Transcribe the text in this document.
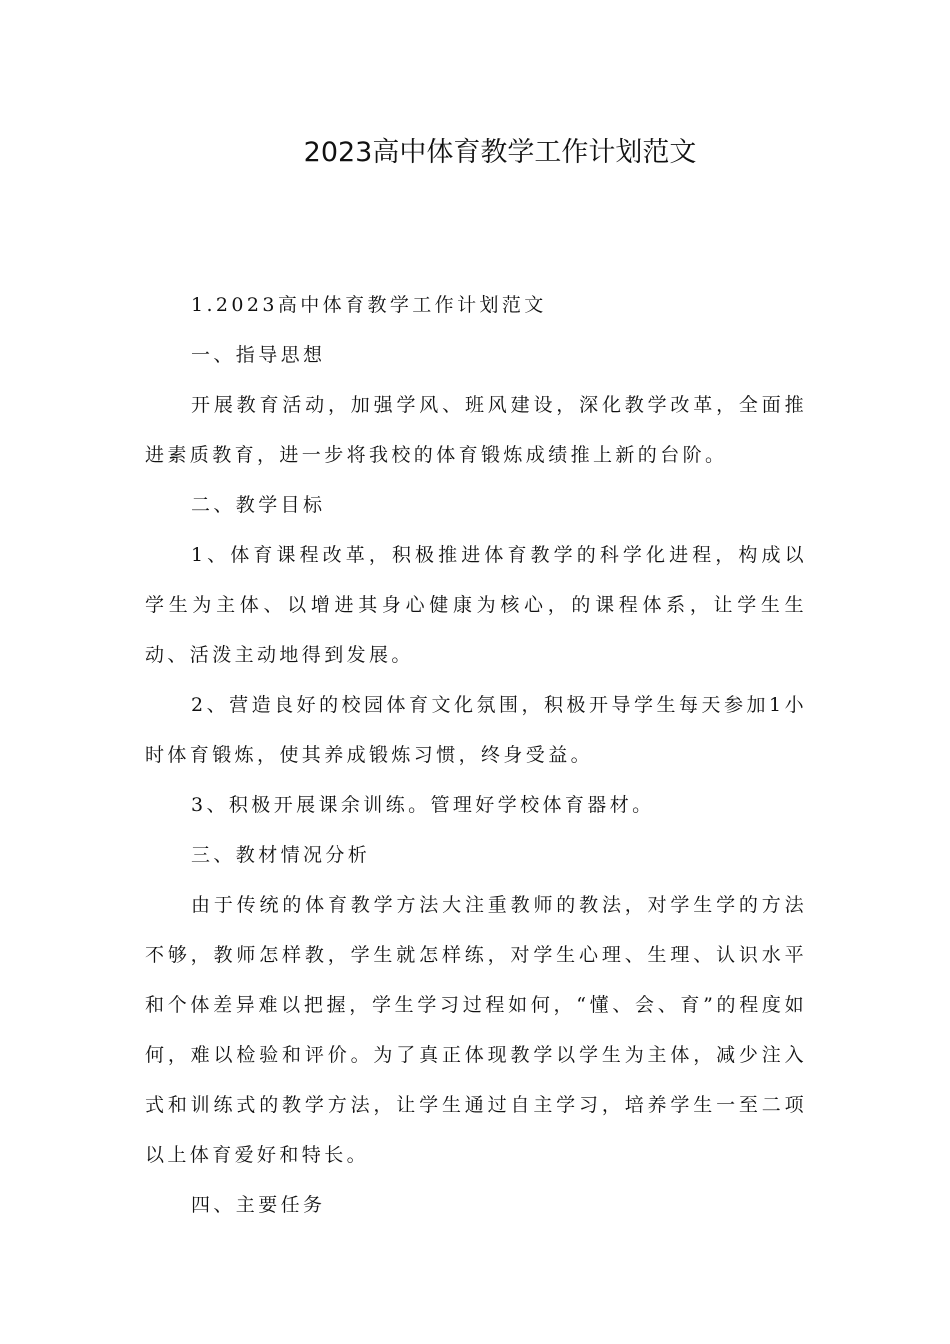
2023高中体育教学工作计划范文

1.2023高中体育教学工作计划范文

一、指导思想

开展教育活动，加强学风、班风建设，深化教学改革，全面推进素质教育，进一步将我校的体育锻炼成绩推上新的台阶。

二、教学目标

1、体育课程改革，积极推进体育教学的科学化进程，构成以学生为主体、以增进其身心健康为核心，的课程体系，让学生生动、活泼主动地得到发展。

2、营造良好的校园体育文化氛围，积极开导学生每天参加1小时体育锻炼，使其养成锻炼习惯，终身受益。

3、积极开展课余训练。管理好学校体育器材。

三、教材情况分析

由于传统的体育教学方法大注重教师的教法，对学生学的方法不够，教师怎样教，学生就怎样练，对学生心理、生理、认识水平和个体差异难以把握，学生学习过程如何，“懂、会、育”的程度如何，难以检验和评价。为了真正体现教学以学生为主体，减少注入式和训练式的教学方法，让学生通过自主学习，培养学生一至二项以上体育爱好和特长。

四、主要任务
